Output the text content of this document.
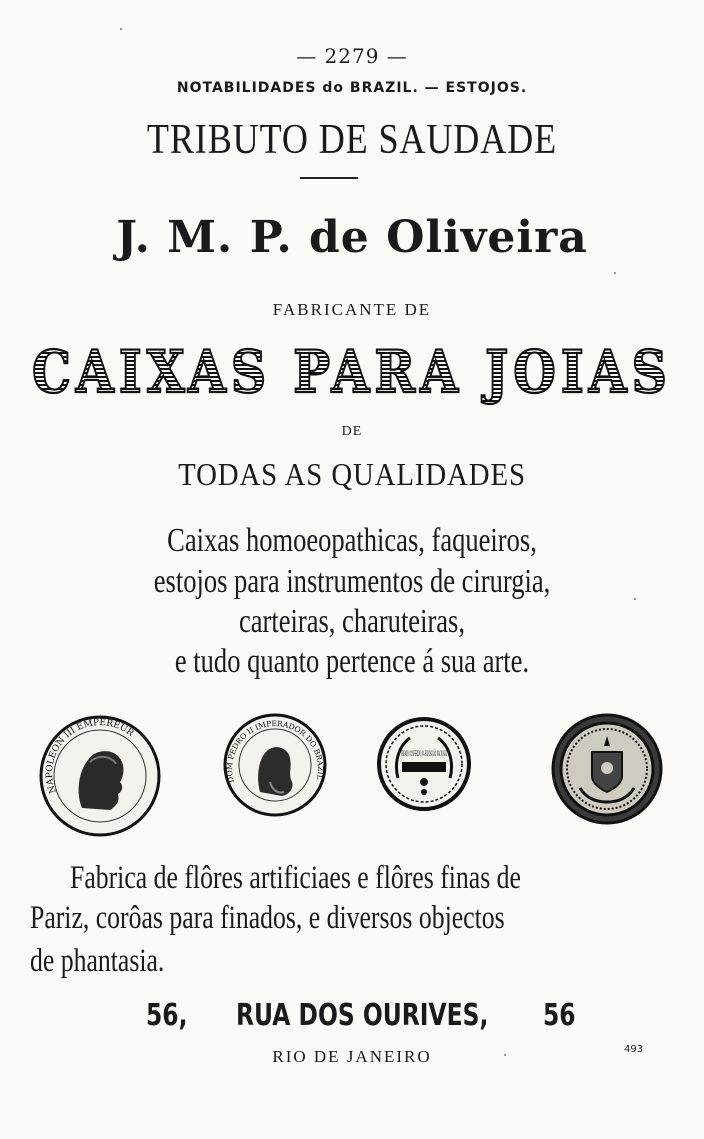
— 2279 —
NOTABILIDADES do BRAZIL. — ESTOJOS.
TRIBUTO DE SAUDADE
J. M. P. de Oliveira
FABRICANTE DE
CAIXAS PARA JOIAS
DE
TODAS AS QUALIDADES
Caixas homoeopathicas, faqueiros,
estojos para instrumentos de cirurgia,
carteiras, charuteiras,
e tudo quanto pertence á sua arte.
NAPOLEON III EMPEREUR
DOM PEDRO II IMPERADOR DO BRAZIL
PREMIO CONFERIDO NA EXPOSIÇÃO NACIONAL
Fabrica de flôres artificiaes e flôres finas de
Pariz, corôas para finados, e diversos objectos
de phantasia.
56, RUA DOS OURIVES, 56
RIO DE JANEIRO	493
